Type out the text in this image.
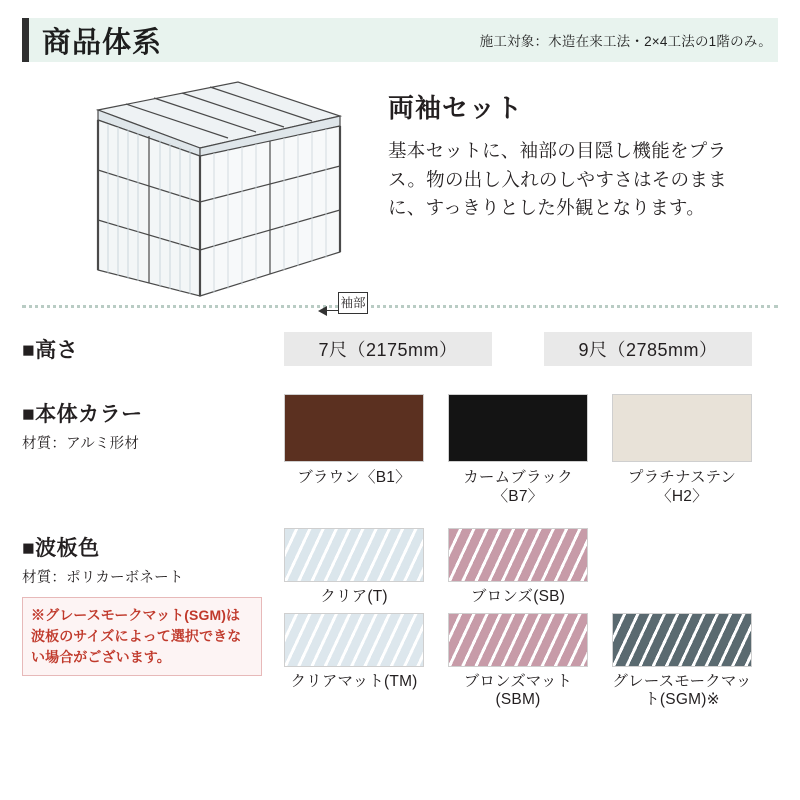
商品体系	施工対象：木造在来工法・2×4工法の1階のみ。
袖部
両袖セット
基本セットに、袖部の目隠し機能をプラス。物の出し入れのしやすさはそのままに、すっきりとした外観となります。
■高さ	7尺（2175mm）	9尺（2785mm）
■本体カラー
材質：アルミ形材
ブラウン〈B1〉	カームブラック〈B7〉
プラチナステン〈H2〉
■波板色
材質：ポリカーボネート
※グレースモークマット(SGM)は波板のサイズによって選択できない場合がございます。
クリア(T)	ブロンズ(SB)
クリアマット(TM)	ブロンズマット(SBM)
グレースモークマット(SGM)※
